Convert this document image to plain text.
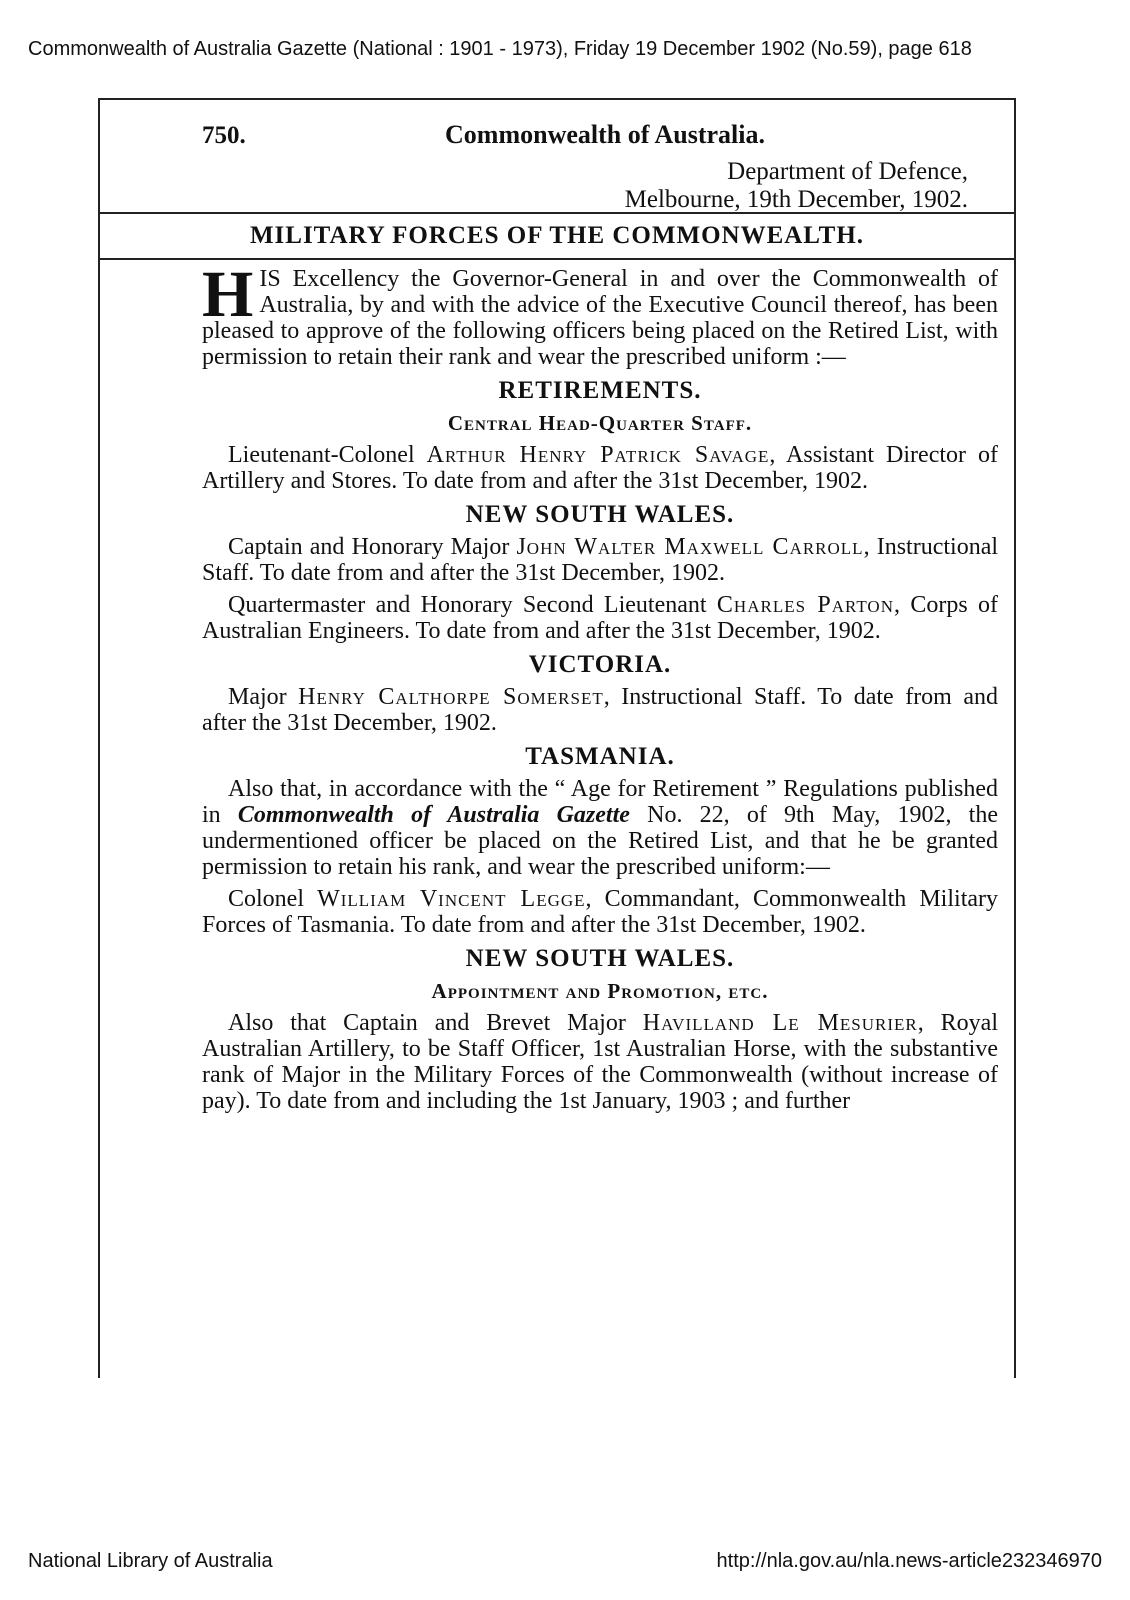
Commonwealth of Australia Gazette (National : 1901 - 1973), Friday 19 December 1902 (No.59), page 618
750.	Commonwealth of Australia.
Department of Defence,
Melbourne, 19th December, 1902.
MILITARY FORCES OF THE COMMONWEALTH.

HIS Excellency the Governor-General in and over the Commonwealth of Australia, by and with the advice of the Executive Council thereof, has been pleased to approve of the following officers being placed on the Retired List, with permission to retain their rank and wear the prescribed uniform :—

RETIREMENTS.
Central Head-Quarter Staff.

Lieutenant-Colonel Arthur Henry Patrick Savage, Assistant Director of Artillery and Stores. To date from and after the 31st December, 1902.

NEW SOUTH WALES.

Captain and Honorary Major John Walter Maxwell Carroll, Instructional Staff. To date from and after the 31st December, 1902.

Quartermaster and Honorary Second Lieutenant Charles Parton, Corps of Australian Engineers. To date from and after the 31st December, 1902.

VICTORIA.

Major Henry Calthorpe Somerset, Instructional Staff. To date from and after the 31st December, 1902.

TASMANIA.

Also that, in accordance with the “ Age for Retirement ” Regulations published in Commonwealth of Australia Gazette No. 22, of 9th May, 1902, the undermentioned officer be placed on the Retired List, and that he be granted permission to retain his rank, and wear the prescribed uniform:—

Colonel William Vincent Legge, Commandant, Commonwealth Military Forces of Tasmania. To date from and after the 31st December, 1902.

NEW SOUTH WALES.
Appointment and Promotion, etc.

Also that Captain and Brevet Major Havilland Le Mesurier, Royal Australian Artillery, to be Staff Officer, 1st Australian Horse, with the substantive rank of Major in the Military Forces of the Commonwealth (without increase of pay). To date from and including the 1st January, 1903 ; and further

National Library of Australia	http://nla.gov.au/nla.news-article232346970
